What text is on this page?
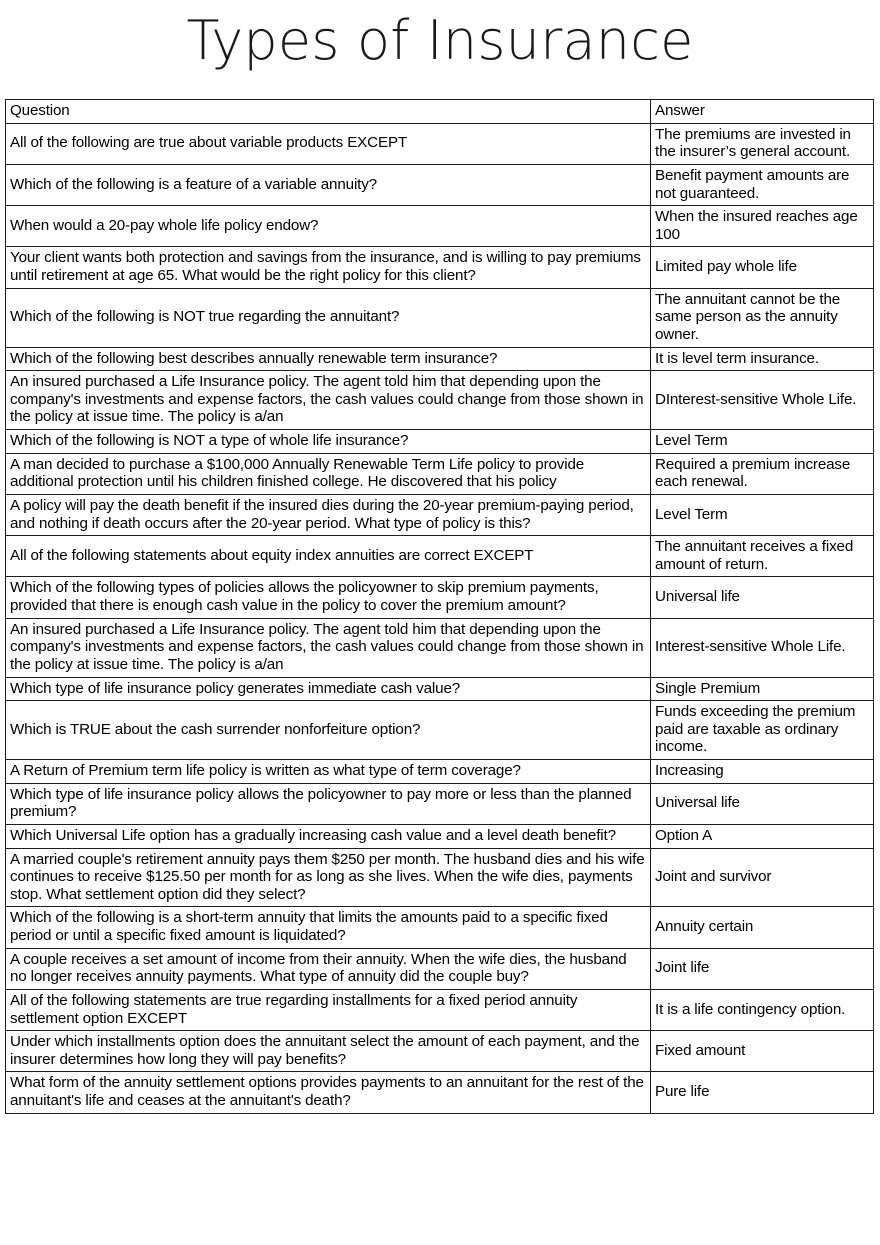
Types of Insurance
Question	Answer
All of the following are true about variable products EXCEPT	The premiums are invested in the insurer’s general account.
Which of the following is a feature of a variable annuity?	Benefit payment amounts are not guaranteed.
When would a 20-pay whole life policy endow?	When the insured reaches age 100
Your client wants both protection and savings from the insurance, and is willing to pay premiums until retirement at age 65. What would be the right policy for this client?	Limited pay whole life
Which of the following is NOT true regarding the annuitant?	The annuitant cannot be the same person as the annuity owner.
Which of the following best describes annually renewable term insurance?	It is level term insurance.
An insured purchased a Life Insurance policy. The agent told him that depending upon the company's investments and expense factors, the cash values could change from those shown in the policy at issue time. The policy is a/an	DInterest-sensitive Whole Life.
Which of the following is NOT a type of whole life insurance?	Level Term
A man decided to purchase a $100,000 Annually Renewable Term Life policy to provide additional protection until his children finished college. He discovered that his policy	Required a premium increase each renewal.
A policy will pay the death benefit if the insured dies during the 20-year premium-paying period, and nothing if death occurs after the 20-year period. What type of policy is this?	Level Term
All of the following statements about equity index annuities are correct EXCEPT	The annuitant receives a fixed amount of return.
Which of the following types of policies allows the policyowner to skip premium payments, provided that there is enough cash value in the policy to cover the premium amount?	Universal life
An insured purchased a Life Insurance policy. The agent told him that depending upon the company's investments and expense factors, the cash values could change from those shown in the policy at issue time. The policy is a/an	Interest-sensitive Whole Life.
Which type of life insurance policy generates immediate cash value?	Single Premium
Which is TRUE about the cash surrender nonforfeiture option?	Funds exceeding the premium paid are taxable as ordinary income.
A Return of Premium term life policy is written as what type of term coverage?	Increasing
Which type of life insurance policy allows the policyowner to pay more or less than the planned premium?	Universal life
Which Universal Life option has a gradually increasing cash value and a level death benefit?	Option A
A married couple's retirement annuity pays them $250 per month. The husband dies and his wife continues to receive $125.50 per month for as long as she lives. When the wife dies, payments stop. What settlement option did they select?	Joint and survivor
Which of the following is a short-term annuity that limits the amounts paid to a specific fixed period or until a specific fixed amount is liquidated?	Annuity certain
A couple receives a set amount of income from their annuity. When the wife dies, the husband no longer receives annuity payments. What type of annuity did the couple buy?	Joint life
All of the following statements are true regarding installments for a fixed period annuity settlement option EXCEPT	It is a life contingency option.
Under which installments option does the annuitant select the amount of each payment, and the insurer determines how long they will pay benefits?	Fixed amount
What form of the annuity settlement options provides payments to an annuitant for the rest of the annuitant's life and ceases at the annuitant's death?	Pure life
